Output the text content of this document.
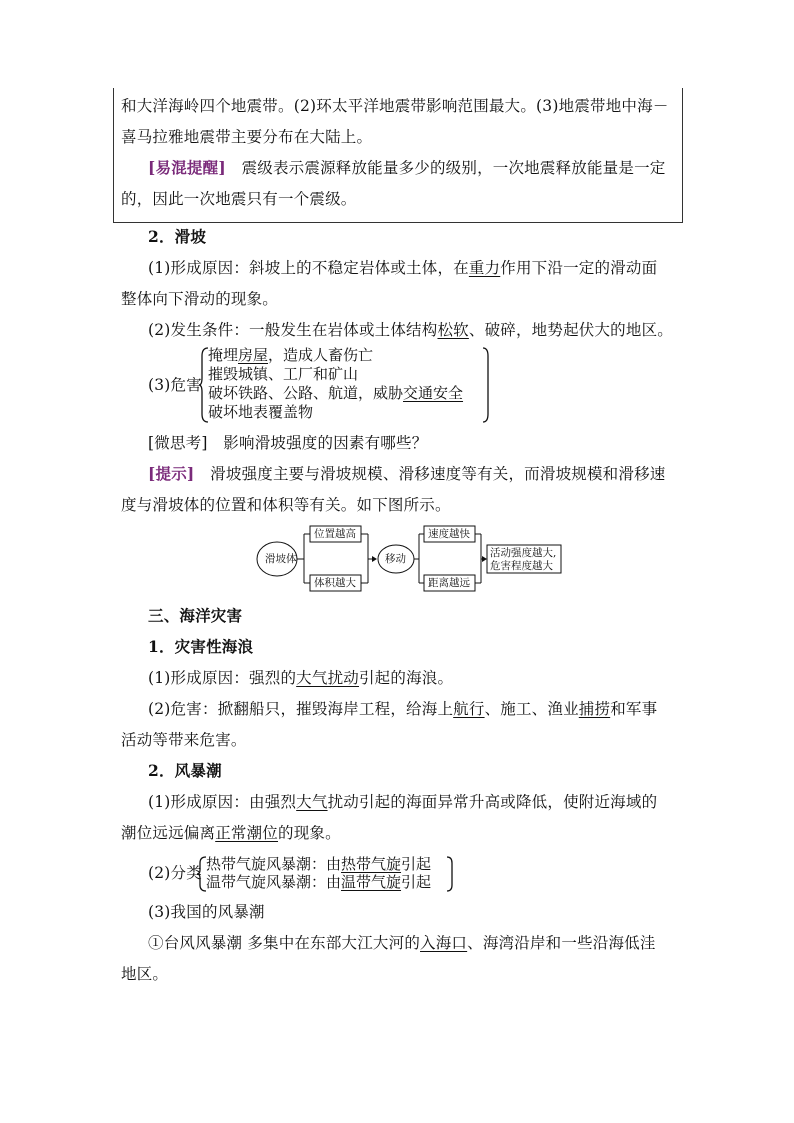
和大洋海岭四个地震带。(2)环太平洋地震带影响范围最大。(3)地震带地中海－
喜马拉雅地震带主要分布在大陆上。
[易混提醒]　震级表示震源释放能量多少的级别，一次地震释放能量是一定
的，因此一次地震只有一个震级。
2．滑坡
(1)形成原因：斜坡上的不稳定岩体或土体，在重力作用下沿一定的滑动面
整体向下滑动的现象。
(2)发生条件：一般发生在岩体或土体结构松软、破碎，地势起伏大的地区。
(3)危害
掩埋房屋，造成人畜伤亡
摧毁城镇、工厂和矿山
破坏铁路、公路、航道，威胁交通安全
破坏地表覆盖物
[微思考]　影响滑坡强度的因素有哪些？
[提示]　滑坡强度主要与滑坡规模、滑移速度等有关，而滑坡规模和滑移速
度与滑坡体的位置和体积等有关。如下图所示。
滑坡体
位置越高
体积越大
移动
速度越快
距离越远
活动强度越大,
危害程度越大
三、海洋灾害
1．灾害性海浪
(1)形成原因：强烈的大气扰动引起的海浪。
(2)危害：掀翻船只，摧毁海岸工程，给海上航行、施工、渔业捕捞和军事
活动等带来危害。
2．风暴潮
(1)形成原因：由强烈大气扰动引起的海面异常升高或降低，使附近海域的
潮位远远偏离正常潮位的现象。
(2)分类 热带气旋风暴潮：由热带气旋引起
温带气旋风暴潮：由温带气旋引起
(3)我国的风暴潮
①台风风暴潮 多集中在东部大江大河的入海口、海湾沿岸和一些沿海低洼
地区。
